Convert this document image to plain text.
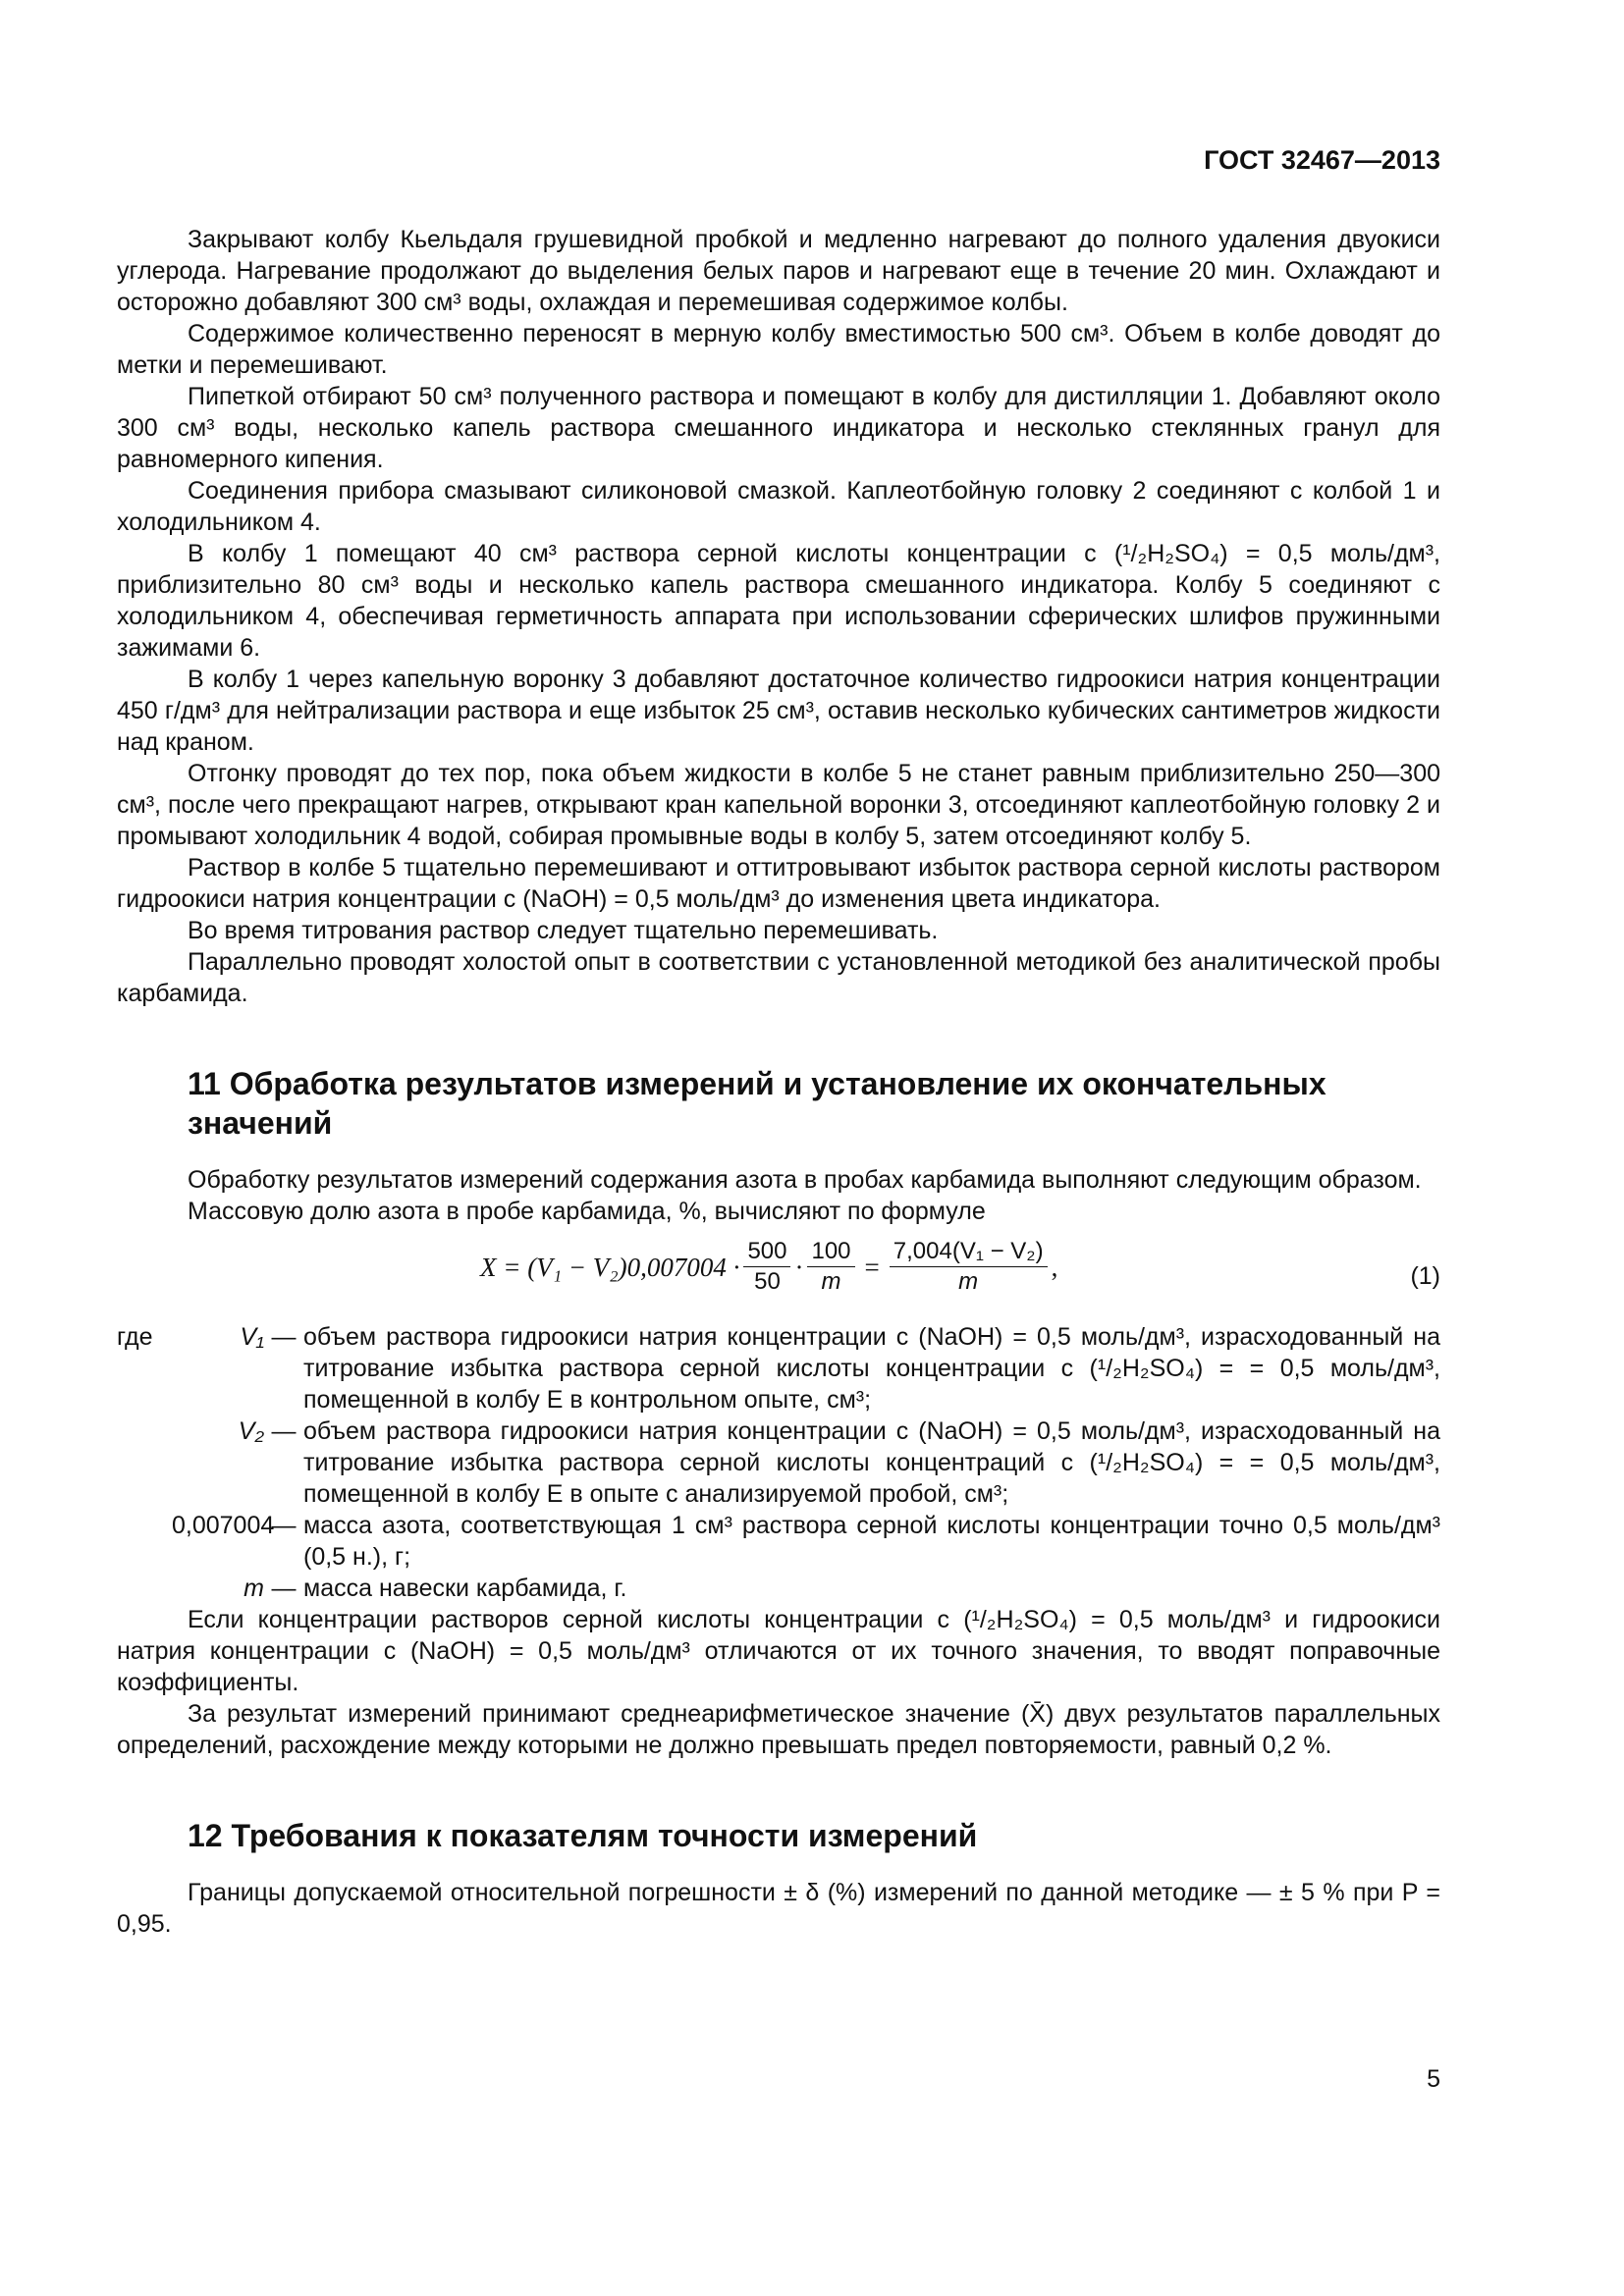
ГОСТ 32467—2013

Закрывают колбу Кьельдаля грушевидной пробкой и медленно нагревают до полного удаления двуокиси углерода. Нагревание продолжают до выделения белых паров и нагревают еще в течение 20 мин. Охлаждают и осторожно добавляют 300 см³ воды, охлаждая и перемешивая содержимое колбы.

Содержимое количественно переносят в мерную колбу вместимостью 500 см³. Объем в колбе доводят до метки и перемешивают.

Пипеткой отбирают 50 см³ полученного раствора и помещают в колбу для дистилляции 1. Добавляют около 300 см³ воды, несколько капель раствора смешанного индикатора и несколько стеклянных гранул для равномерного кипения.

Соединения прибора смазывают силиконовой смазкой. Каплеотбойную головку 2 соединяют с колбой 1 и холодильником 4.

В колбу 1 помещают 40 см³ раствора серной кислоты концентрации c (¹/₂H₂SO₄) = 0,5 моль/дм³, приблизительно 80 см³ воды и несколько капель раствора смешанного индикатора. Колбу 5 соединяют с холодильником 4, обеспечивая герметичность аппарата при использовании сферических шлифов пружинными зажимами 6.

В колбу 1 через капельную воронку 3 добавляют достаточное количество гидроокиси натрия концентрации 450 г/дм³ для нейтрализации раствора и еще избыток 25 см³, оставив несколько кубических сантиметров жидкости над краном.

Отгонку проводят до тех пор, пока объем жидкости в колбе 5 не станет равным приблизительно 250—300 см³, после чего прекращают нагрев, открывают кран капельной воронки 3, отсоединяют каплеотбойную головку 2 и промывают холодильник 4 водой, собирая промывные воды в колбу 5, затем отсоединяют колбу 5.

Раствор в колбе 5 тщательно перемешивают и оттитровывают избыток раствора серной кислоты раствором гидроокиси натрия концентрации c (NaOH) = 0,5 моль/дм³ до изменения цвета индикатора.

Во время титрования раствор следует тщательно перемешивать.

Параллельно проводят холостой опыт в соответствии с установленной методикой без аналитической пробы карбамида.

11 Обработка результатов измерений и установление их окончательных значений

Обработку результатов измерений содержания азота в пробах карбамида выполняют следующим образом.

Массовую долю азота в пробе карбамида, %, вычисляют по формуле

$X = (V_1 - V_2)0,007004 \cdot \frac{500}{50} \cdot \frac{100}{m} = \frac{\text{7,004(V₁ − V₂)}}{m}$ ,	(1)
где	V₁ — объем раствора гидроокиси натрия концентрации c (NaOH) = 0,5 моль/дм³, израсходованный на титрование избытка раствора серной кислоты концентрации c (¹/₂H₂SO₄) = = 0,5 моль/дм³, помещенной в колбу E в контрольном опыте, см³;
V₂ — объем раствора гидроокиси натрия концентрации c (NaOH) = 0,5 моль/дм³, израсходованный на титрование избытка раствора серной кислоты концентраций c (¹/₂H₂SO₄) = = 0,5 моль/дм³, помещенной в колбу E в опыте с анализируемой пробой, см³;
0,007004
— масса азота, соответствующая 1 см³ раствора серной кислоты концентрации точно 0,5 моль/дм³ (0,5 н.), г;
m — масса навески карбамида, г.

Если концентрации растворов серной кислоты концентрации c (¹/₂H₂SO₄) = 0,5 моль/дм³ и гидроокиси натрия концентрации c (NaOH) = 0,5 моль/дм³ отличаются от их точного значения, то вводят поправочные коэффициенты.

За результат измерений принимают среднеарифметическое значение (X̄) двух результатов параллельных определений, расхождение между которыми не должно превышать предел повторяемости, равный 0,2 %.

12 Требования к показателям точности измерений

Границы допускаемой относительной погрешности ± δ (%) измерений по данной методике — ± 5 % при P = 0,95.

5
